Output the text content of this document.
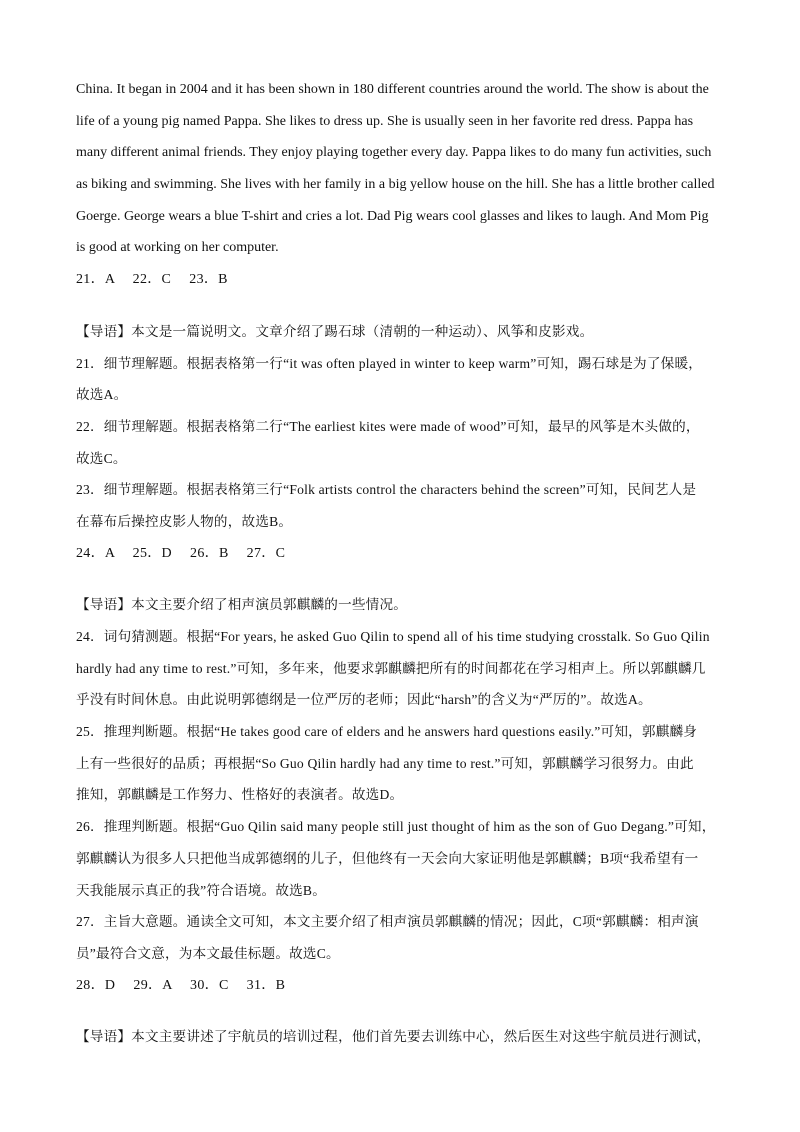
China. It began in 2004 and it has been shown in 180 different countries around the world. The show is about the
life of a young pig named Pappa. She likes to dress up. She is usually seen in her favorite red dress. Pappa has
many different animal friends. They enjoy playing together every day. Pappa likes to do many fun activities, such
as biking and swimming. She lives with her family in a big yellow house on the hill. She has a little brother called
Goerge. George wears a blue T-shirt and cries a lot. Dad Pig wears cool glasses and likes to laugh. And Mom Pig
is good at working on her computer.
21．A　 22．C　 23．B
【导语】本文是一篇说明文。文章介绍了踢石球（清朝的一种运动）、风筝和皮影戏。
21．细节理解题。根据表格第一行“it was often played in winter to keep warm”可知，踢石球是为了保暖，
故选A。
22．细节理解题。根据表格第二行“The earliest kites were made of wood”可知，最早的风筝是木头做的，
故选C。
23．细节理解题。根据表格第三行“Folk artists control the characters behind the screen”可知，民间艺人是
在幕布后操控皮影人物的，故选B。
24．A　 25．D　 26．B　 27．C
【导语】本文主要介绍了相声演员郭麒麟的一些情况。
24．词句猜测题。根据“For years, he asked Guo Qilin to spend all of his time studying crosstalk. So Guo Qilin
hardly had any time to rest.”可知，多年来，他要求郭麒麟把所有的时间都花在学习相声上。所以郭麒麟几
乎没有时间休息。由此说明郭德纲是一位严厉的老师；因此“harsh”的含义为“严厉的”。故选A。
25．推理判断题。根据“He takes good care of elders and he answers hard questions easily.”可知，郭麒麟身
上有一些很好的品质；再根据“So Guo Qilin hardly had any time to rest.”可知，郭麒麟学习很努力。由此
推知，郭麒麟是工作努力、性格好的表演者。故选D。
26．推理判断题。根据“Guo Qilin said many people still just thought of him as the son of Guo Degang.”可知，
郭麒麟认为很多人只把他当成郭德纲的儿子，但他终有一天会向大家证明他是郭麒麟；B项“我希望有一
天我能展示真正的我”符合语境。故选B。
27．主旨大意题。通读全文可知，本文主要介绍了相声演员郭麒麟的情况；因此，C项“郭麒麟：相声演
员”最符合文意，为本文最佳标题。故选C。
28．D　 29．A　 30．C　 31．B
【导语】本文主要讲述了宇航员的培训过程，他们首先要去训练中心，然后医生对这些宇航员进行测试，
